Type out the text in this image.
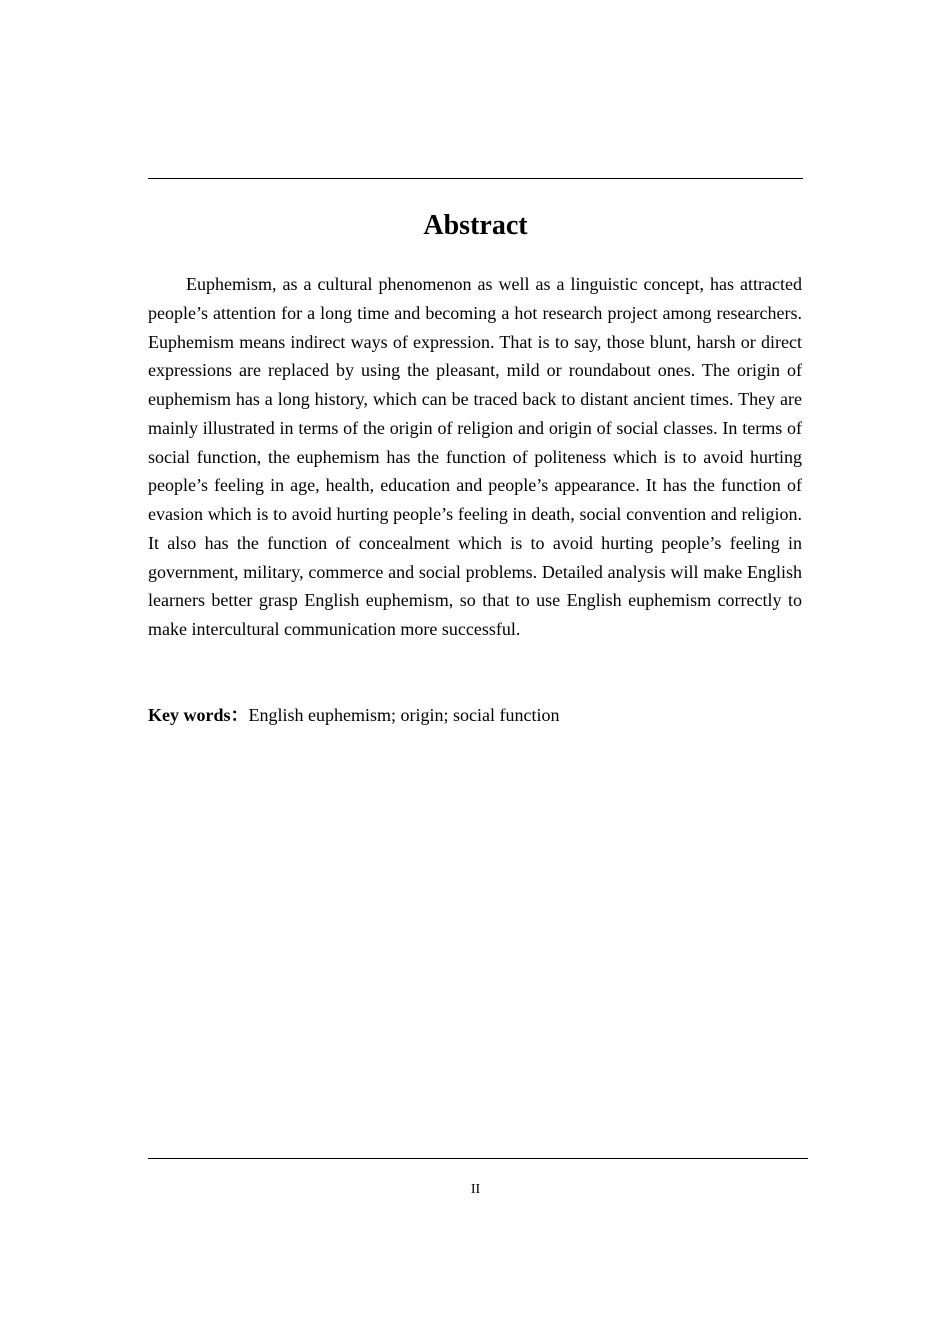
Abstract

Euphemism, as a cultural phenomenon as well as a linguistic concept, has attracted people’s attention for a long time and becoming a hot research project among researchers. Euphemism means indirect ways of expression. That is to say, those blunt, harsh or direct expressions are replaced by using the pleasant, mild or roundabout ones. The origin of euphemism has a long history, which can be traced back to distant ancient times. They are mainly illustrated in terms of the origin of religion and origin of social classes. In terms of social function, the euphemism has the function of politeness which is to avoid hurting people’s feeling in age, health, education and people’s appearance. It has the function of evasion which is to avoid hurting people’s feeling in death, social convention and religion. It also has the function of concealment which is to avoid hurting people’s feeling in government, military, commerce and social problems. Detailed analysis will make English learners better grasp English euphemism, so that to use English euphemism correctly to make intercultural communication more successful.

Key words：English euphemism; origin; social function

II
